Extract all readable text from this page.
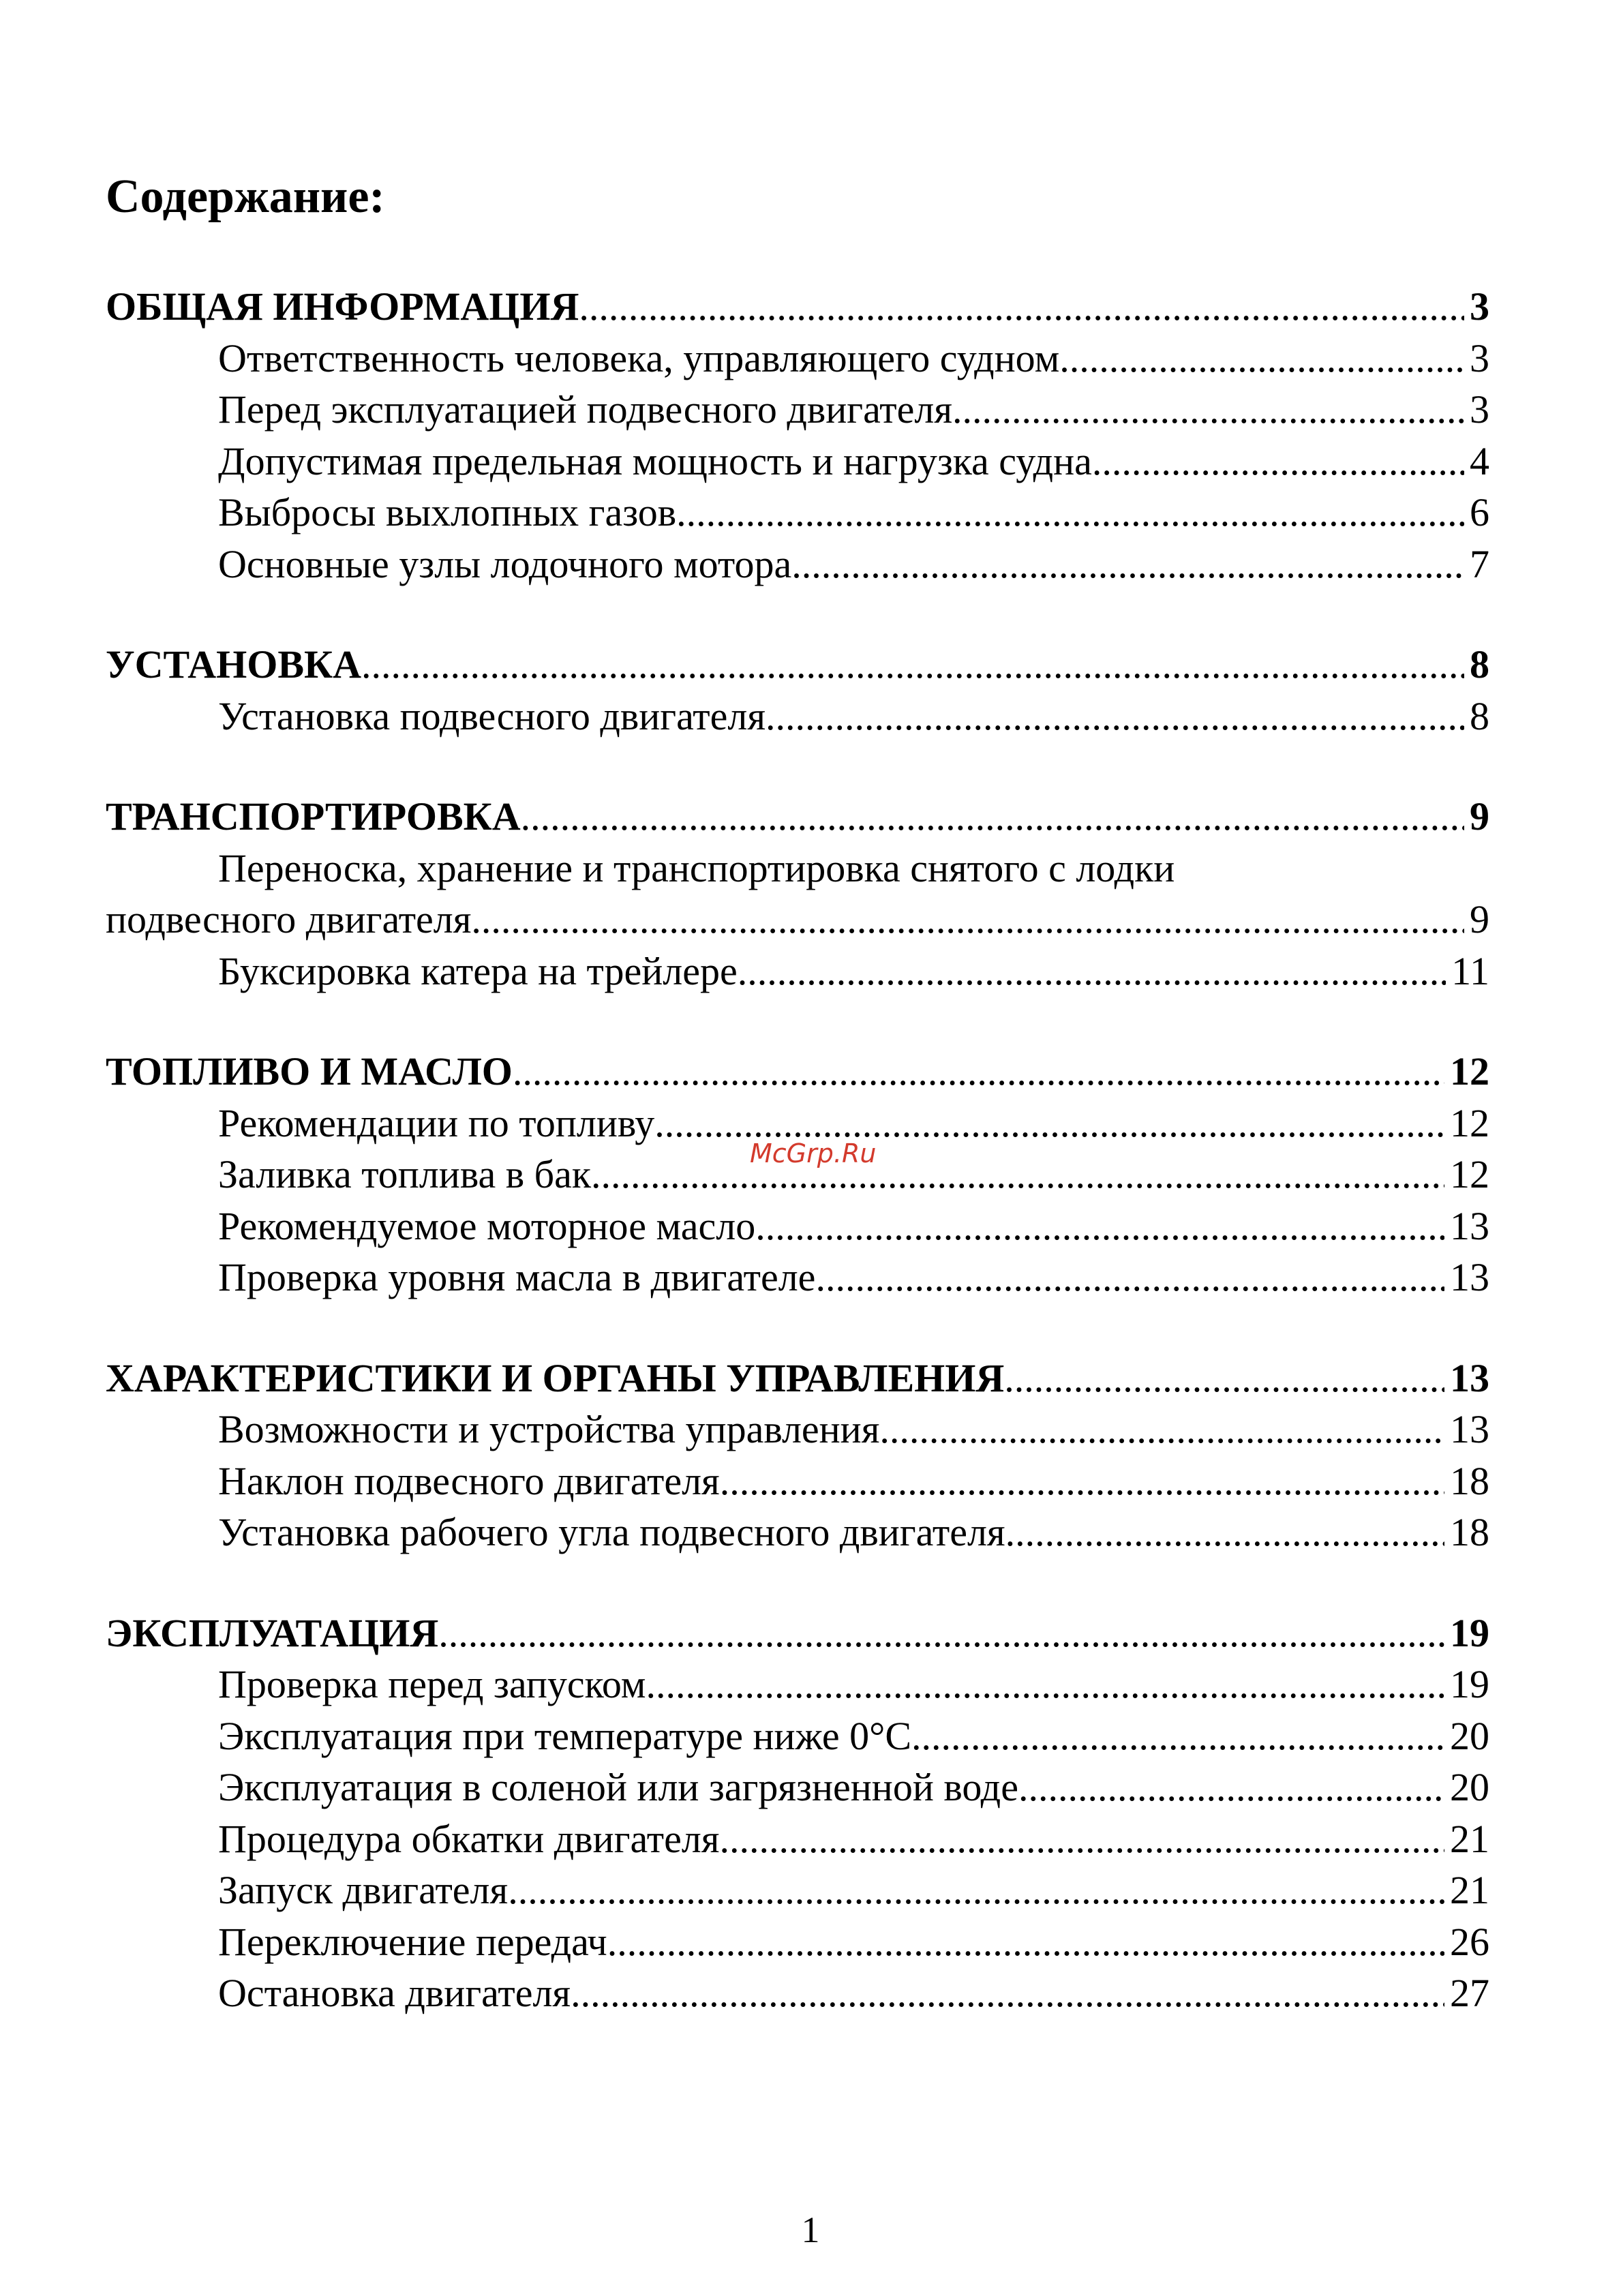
Содержание:
ОБЩАЯ ИНФОРМАЦИЯ .....	3
Ответственность человека, управляющего судном .....	3
Перед эксплуатацией подвесного двигателя .....	3
Допустимая предельная мощность и нагрузка судна .....	4
Выбросы выхлопных газов .....	6
Основные узлы лодочного мотора .....	7
УСТАНОВКА .....	8
Установка подвесного двигателя .....	8
ТРАНСПОРТИРОВКА .....	9
Переноска, хранение и транспортировка снятого с лодки
подвесного двигателя .....	9
Буксировка катера на трейлере .....	11
ТОПЛИВО И МАСЛО .....	12
Рекомендации по топливу .....	12
Заливка топлива в бак .....	12
Рекомендуемое моторное масло .....	13
Проверка уровня масла в двигателе .....	13
ХАРАКТЕРИСТИКИ И ОРГАНЫ УПРАВЛЕНИЯ .....	13
Возможности и устройства управления .....	13
Наклон подвесного двигателя .....	18
Установка рабочего угла подвесного двигателя .....	18
ЭКСПЛУАТАЦИЯ .....	19
Проверка перед запуском .....	19
Эксплуатация при температуре ниже 0°С .....	20
Эксплуатация в соленой или загрязненной воде .....	20
Процедура обкатки двигателя .....	21
Запуск двигателя .....	21
Переключение передач .....	26
Остановка двигателя .....	27
McGrp.Ru
1
